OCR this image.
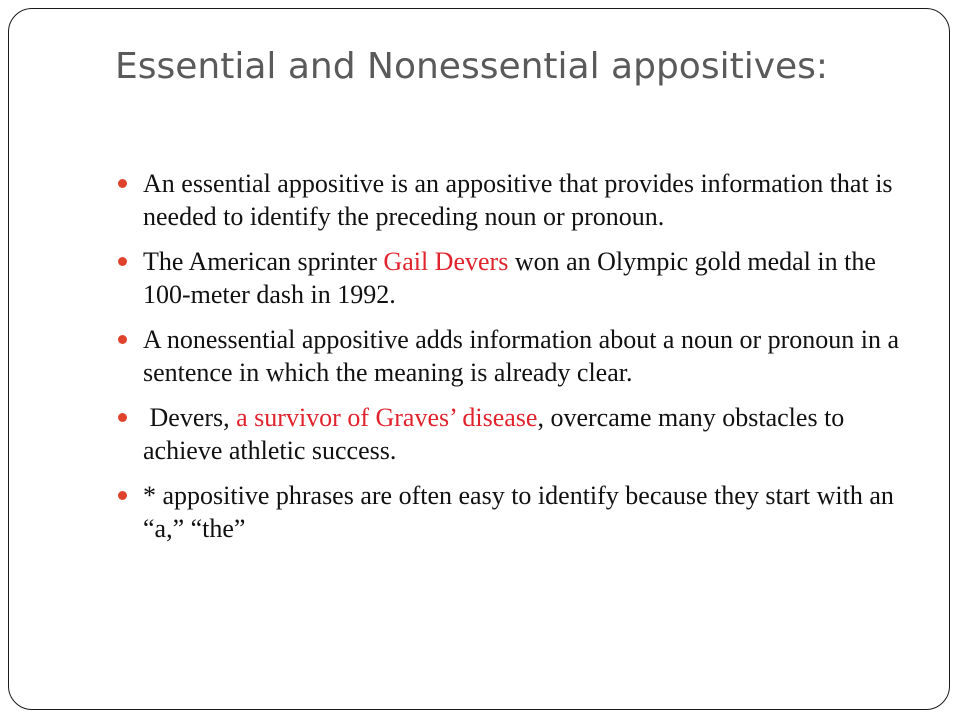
Essential and Nonessential appositives:
An essential appositive is an appositive that provides information that is needed to identify the preceding noun or pronoun.
The American sprinter Gail Devers won an Olympic gold medal in the 100-meter dash in 1992.
A nonessential appositive adds information about a noun or pronoun in a sentence in which the meaning is already clear.
Devers, a survivor of Graves’ disease, overcame many obstacles to achieve athletic success.
* appositive phrases are often easy to identify because they start with an “a,” “the”
